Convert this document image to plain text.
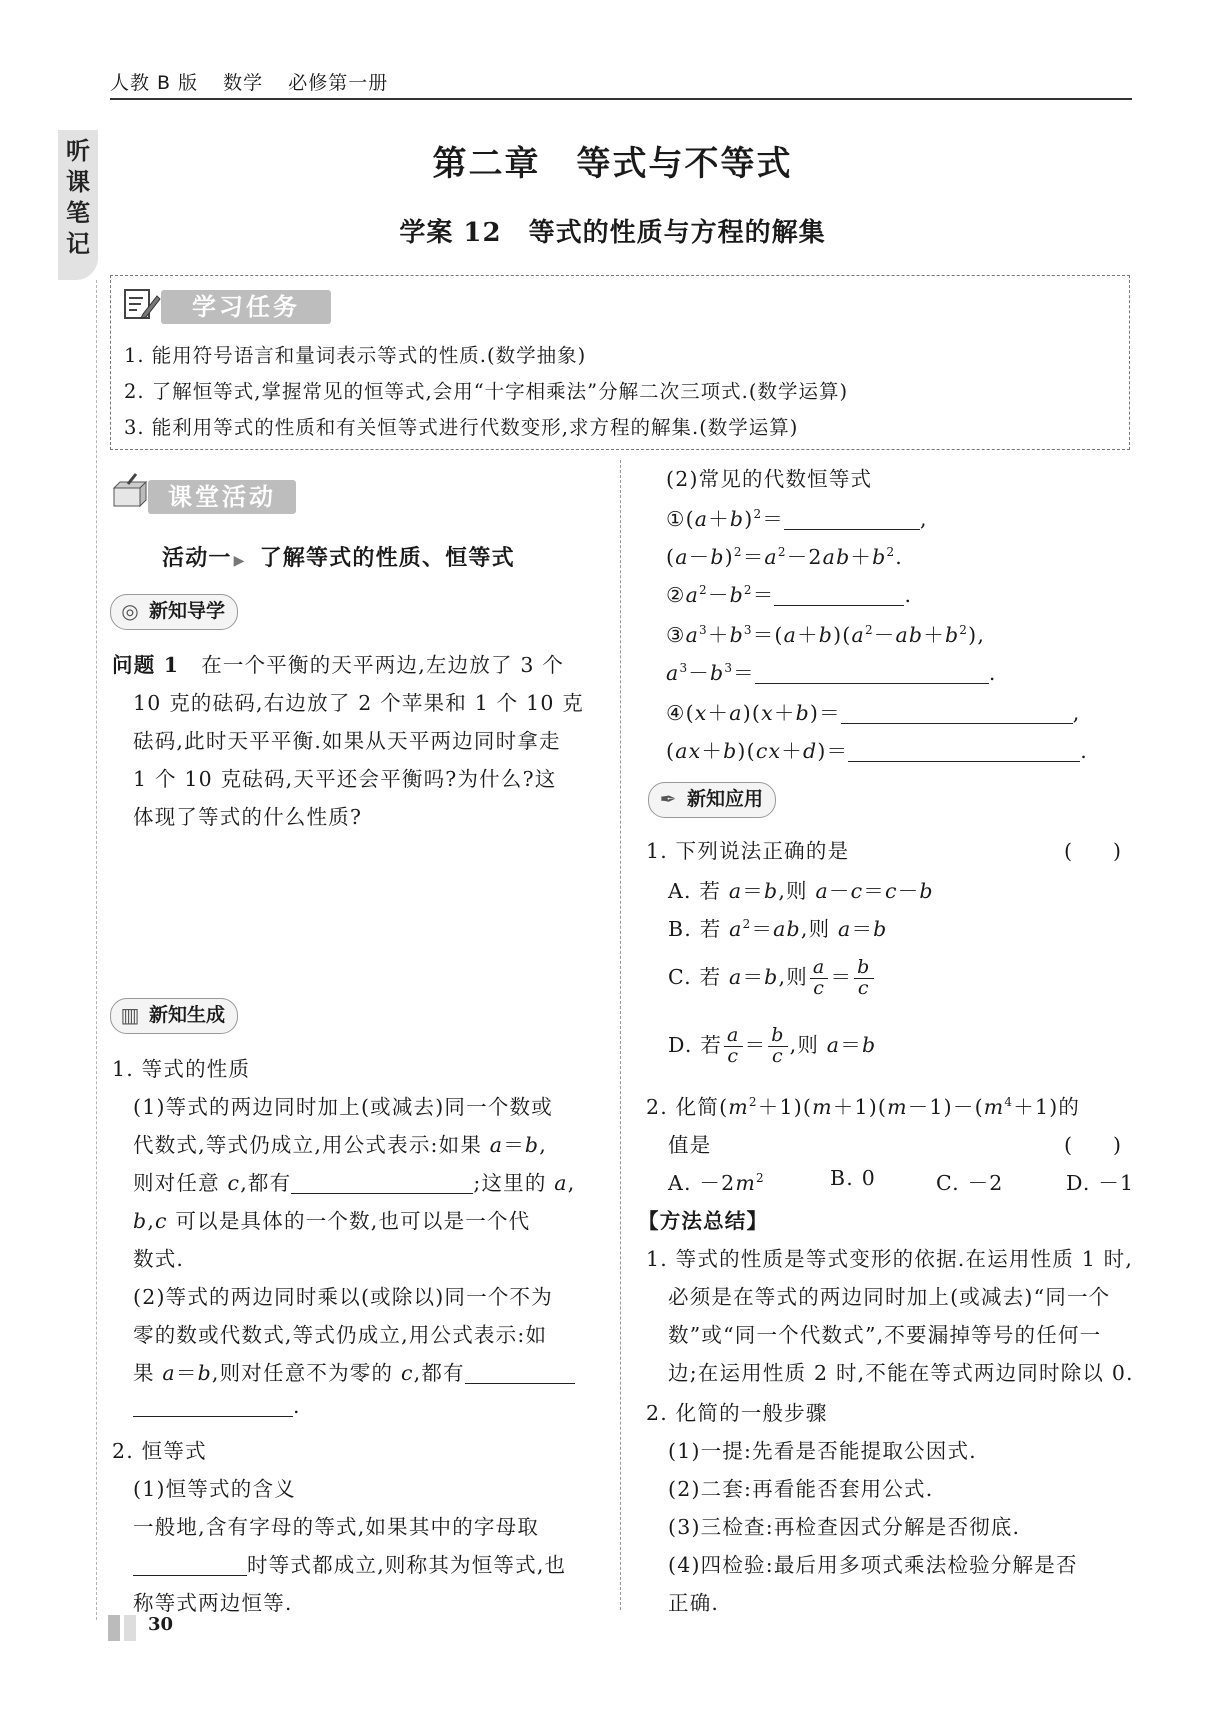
人教 B 版 数学 必修第一册
听
课
笔
记
第二章　等式与不等式
学案 12　等式的性质与方程的解集
学习任务
1. 能用符号语言和量词表示等式的性质.(数学抽象)
2. 了解恒等式,掌握常见的恒等式,会用“十字相乘法”分解二次三项式.(数学运算)
3. 能利用等式的性质和有关恒等式进行代数变形,求方程的解集.(数学运算)
课堂活动
活动一 ▶ 了解等式的性质、恒等式
◎ 新知导学
问题 1 在一个平衡的天平两边,左边放了 3 个
10 克的砝码,右边放了 2 个苹果和 1 个 10 克
砝码,此时天平平衡.如果从天平两边同时拿走
1 个 10 克砝码,天平还会平衡吗?为什么?这
体现了等式的什么性质?
▥ 新知生成
1. 等式的性质
(1)等式的两边同时加上(或减去)同一个数或
代数式,等式仍成立,用公式表示:如果 a＝b,
则对任意 c,都有	;这里的 a,
b,c 可以是具体的一个数,也可以是一个代
数式.
(2)等式的两边同时乘以(或除以)同一个不为
零的数或代数式,等式仍成立,用公式表示:如
果 a＝b,则对任意不为零的 c,都有
.
2. 恒等式
(1)恒等式的含义
一般地,含有字母的等式,如果其中的字母取
时等式都成立,则称其为恒等式,也
称等式两边恒等.
(2)常见的代数恒等式
$①(a+b)^2=$	,
$(a-b)^2=a^2-2ab+b^2$.
$②a^2-b^2=$	.
$③a^3+b^3=(a+b)(a^2-ab+b^2)$,
$a^3-b^3=$	.
④(x＋a)(x＋b)＝	,
(ax＋b)(cx＋d)＝	.
✒ 新知应用
1. 下列说法正确的是	(　　)
A. 若 a＝b,则 a－c＝c－b
B. 若 $a^2=ab$,则 a＝b
C. 若 a＝b,则 $\frac{a}{c} = \frac{b}{c}$
D. 若 $\frac{a}{c} = \frac{b}{c}$ ,则 a＝b
2. 化简$(m^2+1)(m+1)(m-1)-(m^4+1)$的
值是	(　　)
A. $-2m^2$	B. 0	C. －2	D. －1
【方法总结】
1. 等式的性质是等式变形的依据.在运用性质 1 时,
必须是在等式的两边同时加上(或减去)“同一个
数”或“同一个代数式”,不要漏掉等号的任何一
边;在运用性质 2 时,不能在等式两边同时除以 0.
2. 化简的一般步骤
(1)一提:先看是否能提取公因式.
(2)二套:再看能否套用公式.
(3)三检查:再检查因式分解是否彻底.
(4)四检验:最后用多项式乘法检验分解是否
正确.
30
